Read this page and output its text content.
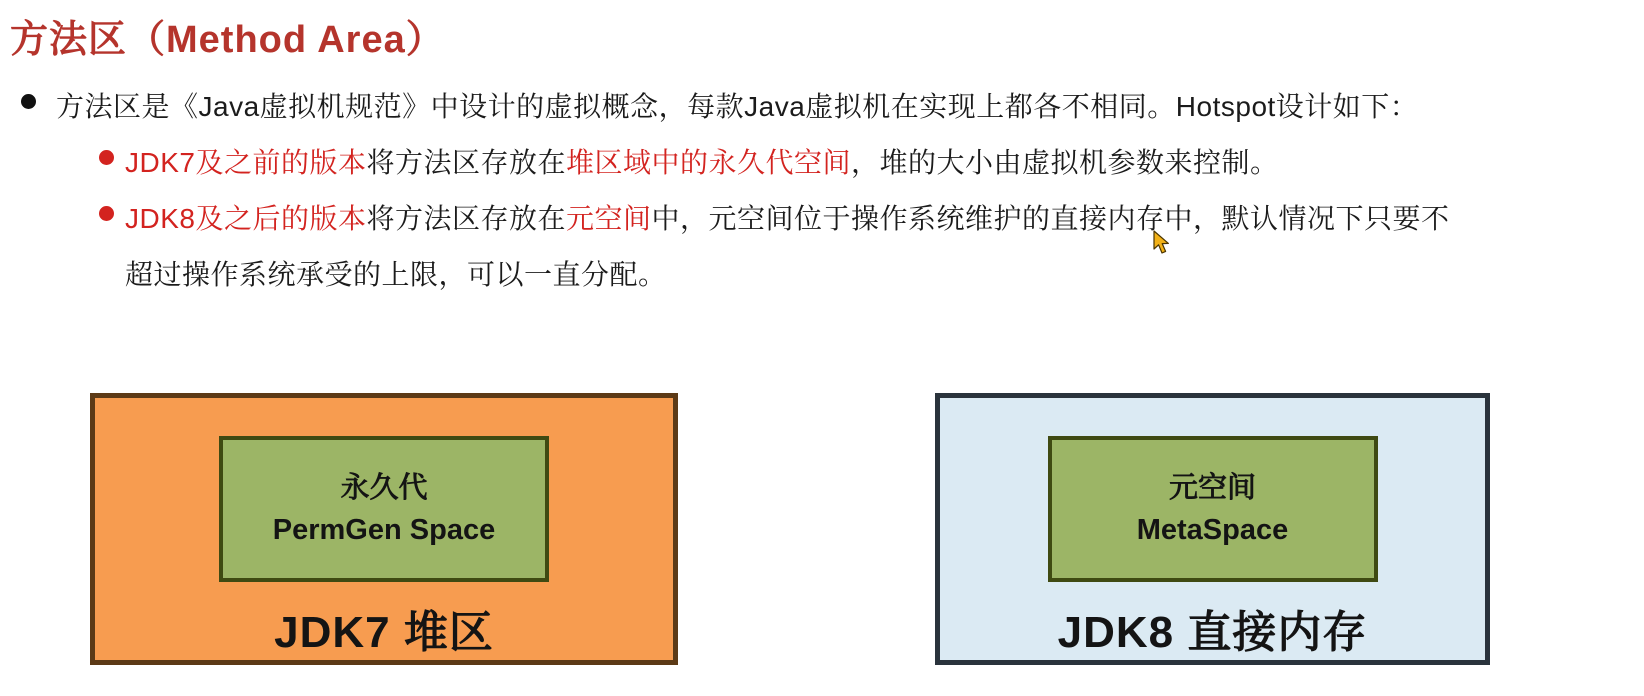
方法区（Method Area）
方法区是《Java虚拟机规范》中设计的虚拟概念，每款Java虚拟机在实现上都各不相同。Hotspot设计如下：
JDK7及之前的版本将方法区存放在堆区域中的永久代空间，堆的大小由虚拟机参数来控制。
JDK8及之后的版本将方法区存放在元空间中，元空间位于操作系统维护的直接内存中，默认情况下只要不
超过操作系统承受的上限，可以一直分配。
永久代
PermGen Space
JDK7 堆区
元空间
MetaSpace
JDK8 直接内存
